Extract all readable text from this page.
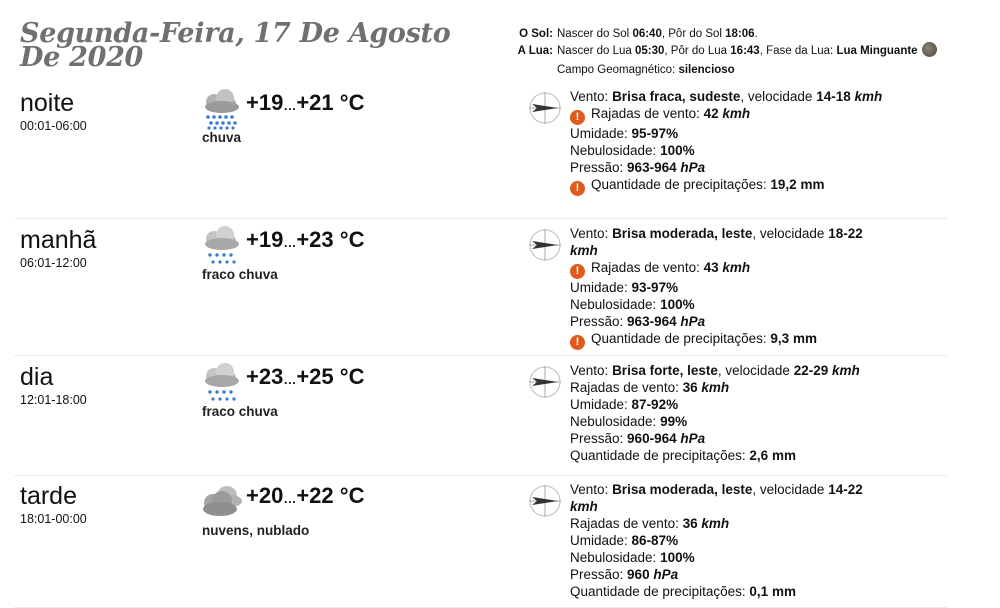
Segunda-Feira, 17 De Agosto De 2020
O Sol: Nascer do Sol 06:40, Pôr do Sol 18:06.
A Lua: Nascer do Lua 05:30, Pôr do Lua 16:43, Fase da Lua: Lua Minguante
Campo Geomagnético: silencioso
noite
00:01-06:00
+19…+21 °C
chuva
Vento: Brisa fraca, sudeste, velocidade 14-18 kmh
! Rajadas de vento: 42 kmh
Umidade: 95-97%
Nebulosidade: 100%
Pressão: 963-964 hPa
! Quantidade de precipitações: 19,2 mm
manhã
06:01-12:00
+19…+23 °C
fraco chuva
Vento: Brisa moderada, leste, velocidade 18-22 kmh
! Rajadas de vento: 43 kmh
Umidade: 93-97%
Nebulosidade: 100%
Pressão: 963-964 hPa
! Quantidade de precipitações: 9,3 mm
dia
12:01-18:00
+23…+25 °C
fraco chuva
Vento: Brisa forte, leste, velocidade 22-29 kmh
Rajadas de vento: 36 kmh
Umidade: 87-92%
Nebulosidade: 99%
Pressão: 960-964 hPa
Quantidade de precipitações: 2,6 mm
tarde
18:01-00:00
+20…+22 °C
nuvens, nublado
Vento: Brisa moderada, leste, velocidade 14-22 kmh
Rajadas de vento: 36 kmh
Umidade: 86-87%
Nebulosidade: 100%
Pressão: 960 hPa
Quantidade de precipitações: 0,1 mm
